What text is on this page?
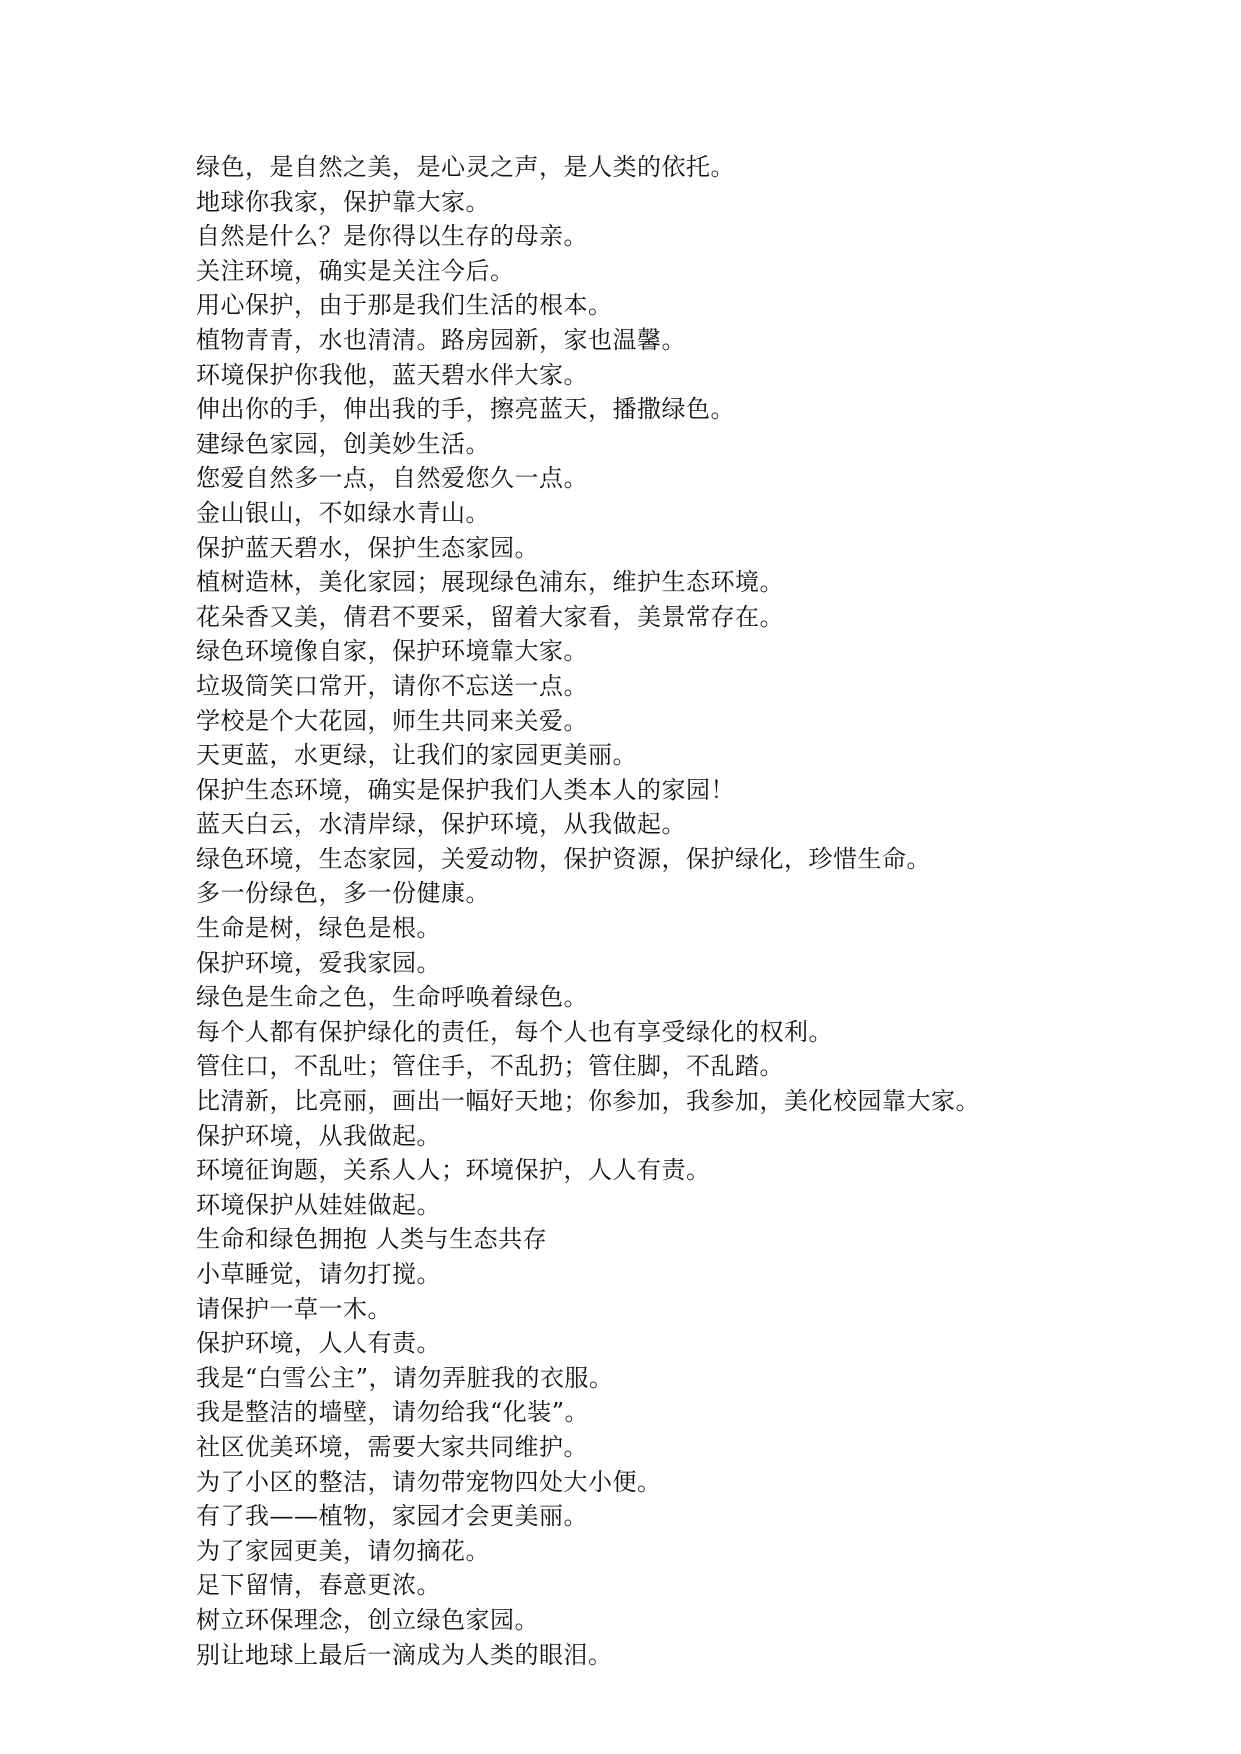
绿色，是自然之美，是心灵之声，是人类的依托。
地球你我家，保护靠大家。
自然是什么？是你得以生存的母亲。
关注环境，确实是关注今后。
用心保护，由于那是我们生活的根本。
植物青青，水也清清。路房园新，家也温馨。
环境保护你我他，蓝天碧水伴大家。
伸出你的手，伸出我的手，擦亮蓝天，播撒绿色。
建绿色家园，创美妙生活。
您爱自然多一点，自然爱您久一点。
金山银山，不如绿水青山。
保护蓝天碧水，保护生态家园。
植树造林，美化家园；展现绿色浦东，维护生态环境。
花朵香又美，倩君不要采，留着大家看，美景常存在。
绿色环境像自家，保护环境靠大家。
垃圾筒笑口常开，请你不忘送一点。
学校是个大花园，师生共同来关爱。
天更蓝，水更绿，让我们的家园更美丽。
保护生态环境，确实是保护我们人类本人的家园！
蓝天白云，水清岸绿，保护环境，从我做起。
绿色环境，生态家园，关爱动物，保护资源，保护绿化，珍惜生命。
多一份绿色，多一份健康。
生命是树，绿色是根。
保护环境，爱我家园。
绿色是生命之色，生命呼唤着绿色。
每个人都有保护绿化的责任，每个人也有享受绿化的权利。
管住口，不乱吐；管住手，不乱扔；管住脚，不乱踏。
比清新，比亮丽，画出一幅好天地；你参加，我参加，美化校园靠大家。
保护环境，从我做起。
环境征询题，关系人人；环境保护，人人有责。
环境保护从娃娃做起。
生命和绿色拥抱 人类与生态共存
小草睡觉，请勿打搅。
请保护一草一木。
保护环境，人人有责。
我是“白雪公主”，请勿弄脏我的衣服。
我是整洁的墙壁，请勿给我“化装”。
社区优美环境，需要大家共同维护。
为了小区的整洁，请勿带宠物四处大小便。
有了我——植物，家园才会更美丽。
为了家园更美，请勿摘花。
足下留情，春意更浓。
树立环保理念，创立绿色家园。
别让地球上最后一滴成为人类的眼泪。
